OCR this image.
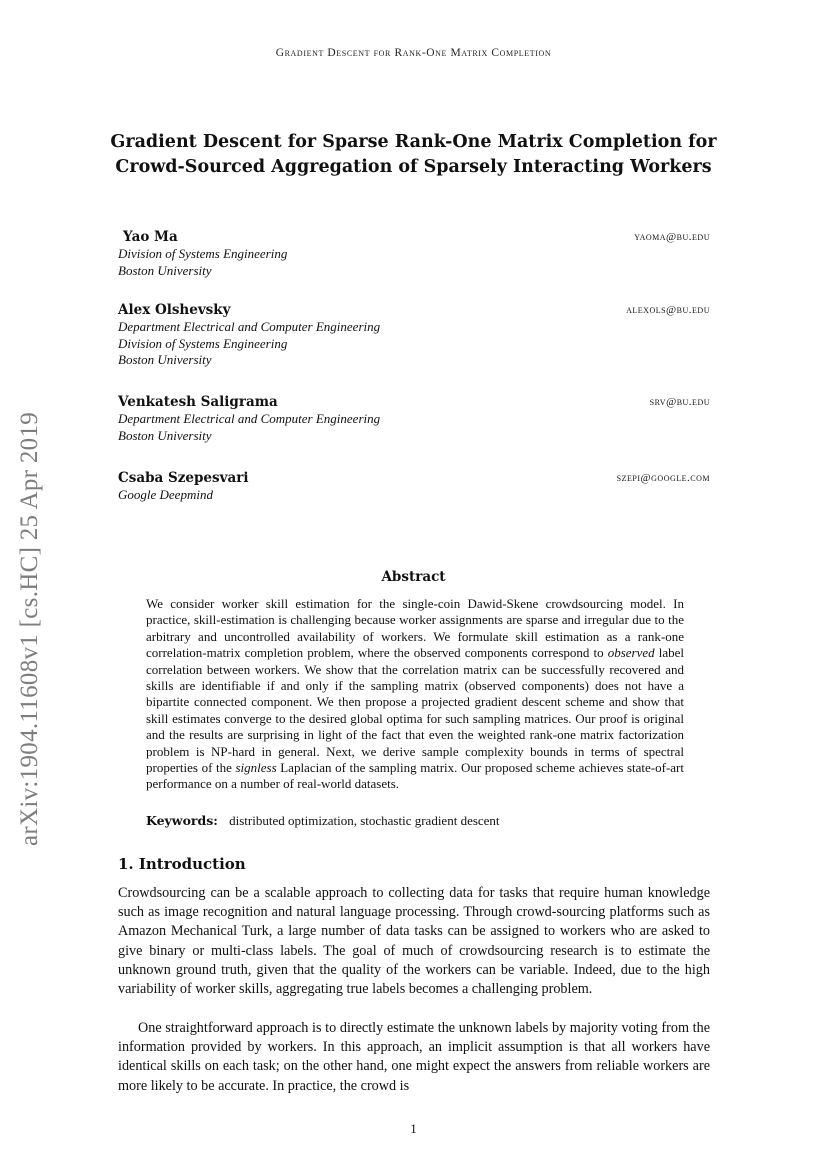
Gradient Descent for Rank-One Matrix Completion
arXiv:1904.11608v1 [cs.HC] 25 Apr 2019
Gradient Descent for Sparse Rank-One Matrix Completion for Crowd-Sourced Aggregation of Sparsely Interacting Workers
Yao Ma	yaoma@bu.edu
Division of Systems Engineering
Boston University
Alex Olshevsky	alexols@bu.edu
Department Electrical and Computer Engineering
Division of Systems Engineering
Boston University
Venkatesh Saligrama	srv@bu.edu
Department Electrical and Computer Engineering
Boston University
Csaba Szepesvari	szepi@google.com
Google Deepmind
Abstract

We consider worker skill estimation for the single-coin Dawid-Skene crowdsourcing model. In practice, skill-estimation is challenging because worker assignments are sparse and irregular due to the arbitrary and uncontrolled availability of workers. We formulate skill estimation as a rank-one correlation-matrix completion problem, where the observed components correspond to observed label correlation between workers. We show that the correlation matrix can be successfully recovered and skills are identifiable if and only if the sampling matrix (observed components) does not have a bipartite connected component. We then propose a projected gradient descent scheme and show that skill estimates converge to the desired global optima for such sampling matrices. Our proof is original and the results are surprising in light of the fact that even the weighted rank-one matrix factorization problem is NP-hard in general. Next, we derive sample complexity bounds in terms of spectral properties of the signless Laplacian of the sampling matrix. Our proposed scheme achieves state-of-art performance on a number of real-world datasets.

Keywords: distributed optimization, stochastic gradient descent
1. Introduction

Crowdsourcing can be a scalable approach to collecting data for tasks that require human knowledge such as image recognition and natural language processing. Through crowd-sourcing platforms such as Amazon Mechanical Turk, a large number of data tasks can be assigned to workers who are asked to give binary or multi-class labels. The goal of much of crowdsourcing research is to estimate the unknown ground truth, given that the quality of the workers can be variable. Indeed, due to the high variability of worker skills, aggregating true labels becomes a challenging problem.

One straightforward approach is to directly estimate the unknown labels by majority voting from the information provided by workers. In this approach, an implicit assumption is that all workers have identical skills on each task; on the other hand, one might expect the answers from reliable workers are more likely to be accurate. In practice, the crowd is

1
